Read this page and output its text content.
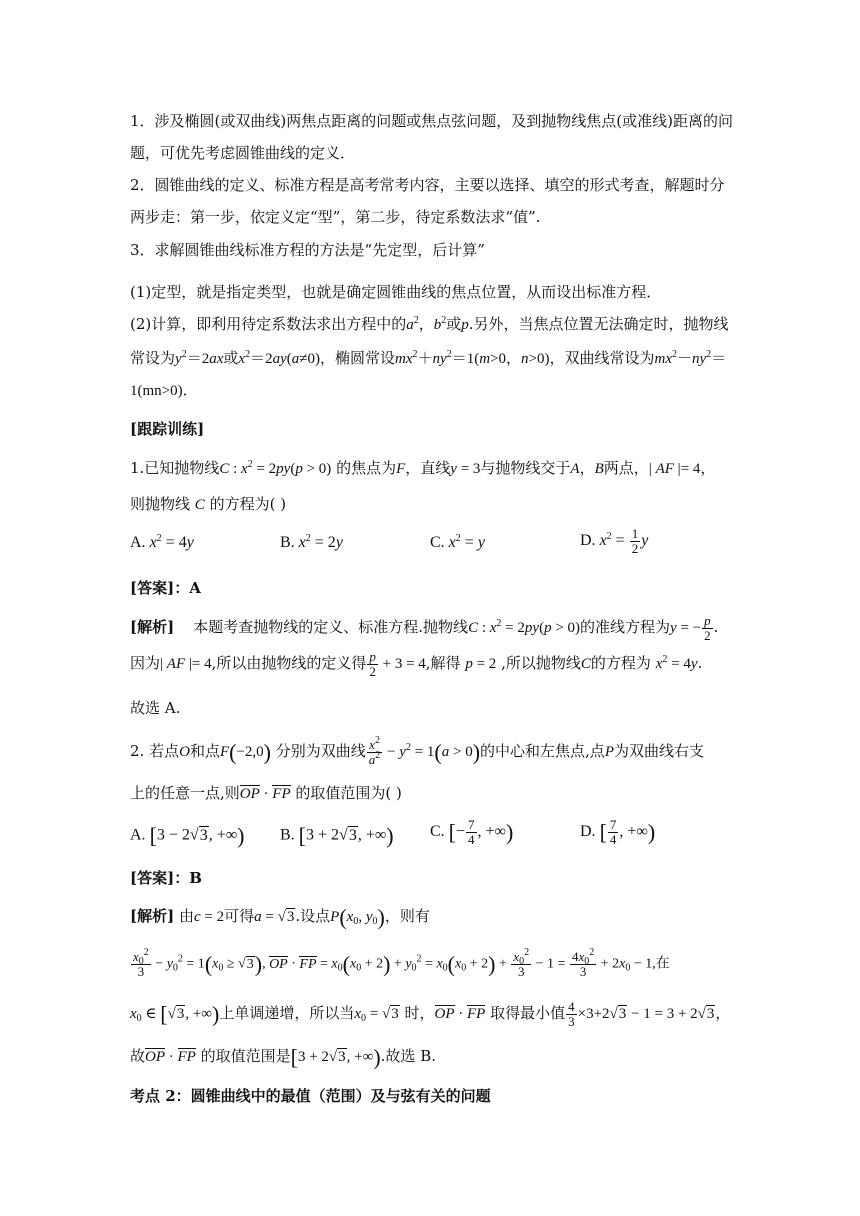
1．涉及椭圆(或双曲线)两焦点距离的问题或焦点弦问题，及到抛物线焦点(或准线)距离的问
题，可优先考虑圆锥曲线的定义．
2．圆锥曲线的定义、标准方程是高考常考内容，主要以选择、填空的形式考查，解题时分
两步走：第一步，依定义定“型”，第二步，待定系数法求“值”.
3．求解圆锥曲线标准方程的方法是“先定型，后计算”
(1)定型，就是指定类型，也就是确定圆锥曲线的焦点位置，从而设出标准方程．
(2)计算，即利用待定系数法求出方程中的$a^2$，$b^2$或p.另外，当焦点位置无法确定时，抛物线
常设为$y^2=2ax$或$x^2=2ay(a\ne 0)$，椭圆常设$mx^2+ny^2=1(m>0$，n>0)，双曲线常设为$mx^2-ny^2=$
1(mn>0)．
[跟踪训练]
1.已知抛物线C : $x^2 = 2py(p > 0)$ 的焦点为F，直线y = 3与抛物线交于A，B两点，| AF |= 4，
则抛物线 C 的方程为( )
A. $x^2 = 4y$	B. $x^2 = 2y$	C. $x^2 = y$	D. $x^2 = \frac{1}{2}$ y
[答案]：A
[解析] 本题考查抛物线的定义、标准方程.抛物线C : $x^2 = 2py(p > 0)$的准线方程为y = − $\frac{p}{2}$ .
因为| AF |= 4,所以由抛物线的定义得 $\frac{p}{2} + 3 = 4$,解得 p = 2 ,所以抛物线C的方程为 $x^2 = 4y$.
故选 A.
2. 若点O和点F(−2,0) 分别为双曲线 $\frac{x^2}{a^2} - y^2 = 1(a > 0)$的中心和左焦点,点P为双曲线右支
上的任意一点,则OP · FP 的取值范围为( )
A. [3 − 2√3, +∞) B. [3 + 2√3, +∞) C. [− $\frac{7}{4}$ , +∞)	D. [ $\frac{7}{4}$ , +∞)
[答案]：B
[解析] 由c = 2可得a = √3.设点$P(x_0$, $y_0$)，则有
$\frac{x_0^2}{3} - y_0^2 = 1(x_0 \ge √3)$, OP · FP = $x_0(x_0 + 2) + y_0^2 = x_0(x_0 + 2) + \frac{x_0^2}{3} - 1 = \frac{4x_0^2}{3} + 2x_0 - 1$,在
$x_0$ ∈ [√3, +∞)上单调递增，所以当$x_0 = √3$ 时，OP · FP 取得最小值 $\frac{4}{3} \times 3+2√3 - 1 = 3 + 2√3$，
故OP · FP 的取值范围是[3 + 2√3, +∞).故选 B.
考点 2：圆锥曲线中的最值（范围）及与弦有关的问题
